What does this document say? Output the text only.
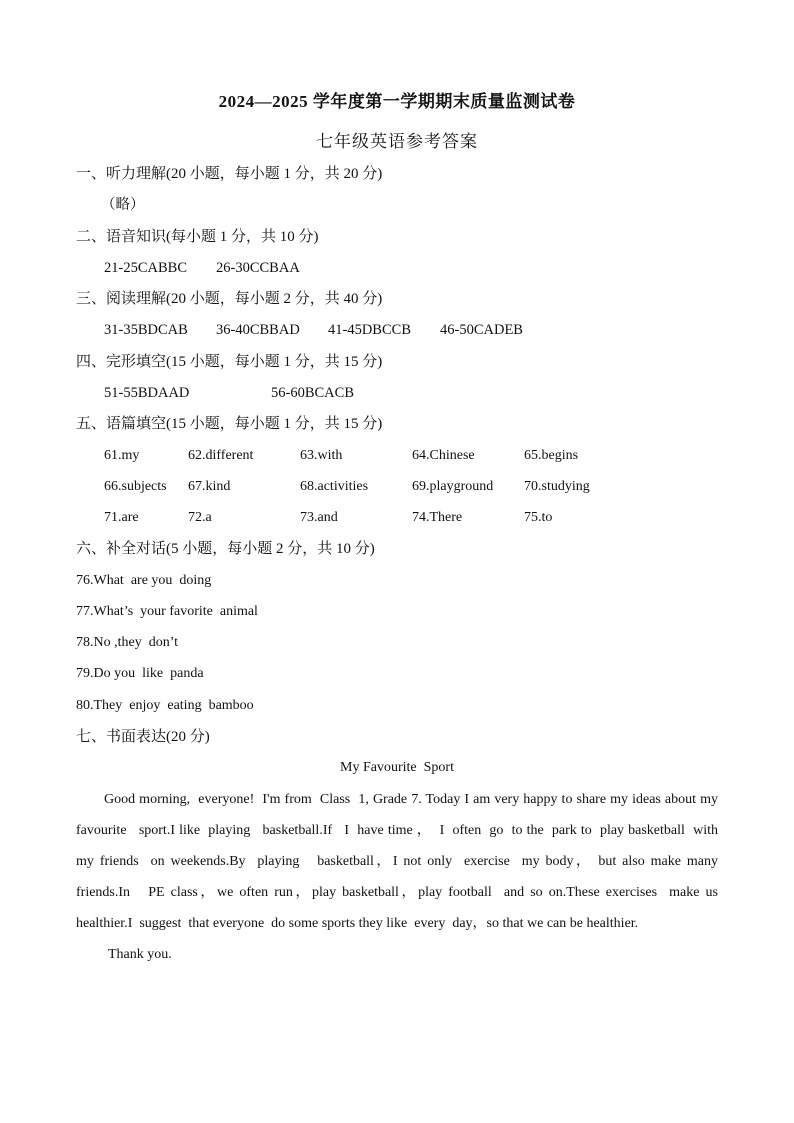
2024—2025 学年度第一学期期末质量监测试卷
七年级英语参考答案
一、听力理解(20 小题，每小题 1 分，共 20 分)
（略）
二、语音知识(每小题 1 分，共 10 分)
21-25CABBC 26-30CCBAA
三、阅读理解(20 小题，每小题 2 分，共 40 分)
31-35BDCAB 36-40CBBAD 41-45DBCCB 46-50CADEB
四、完形填空(15 小题，每小题 1 分，共 15 分)
51-55BDAAD	56-60BCACB
五、语篇填空(15 小题，每小题 1 分，共 15 分)
61.my	62.different	63.with	64.Chinese	65.begins
66.subjects 67.kind	68.activities	69.playground 70.studying
71.are	72.a	73.and	74.There	75.to
六、补全对话(5 小题，每小题 2 分，共 10 分)
76.What  are you  doing
77.What’s  your favorite  animal
78.No ,they  don’t
79.Do you  like  panda
80.They  enjoy  eating  bamboo
七、书面表达(20 分)
My Favourite  Sport

Good morning,  everyone!  I'm from  Class  1, Grade 7. Today I am very happy to share my ideas about my  favourite   sport.I like  playing   basketball.If   I  have time ，  I  often  go  to the  park to  play basketball  with  my friends  on weekends.By  playing   basketball，I not only  exercise  my body， but also make many  friends.In   PE class，we often run，play basketball，play football  and so on.These exercises  make us healthier.I  suggest  that everyone  do some sports they like  every  day，so that we can be healthier.

Thank you.
